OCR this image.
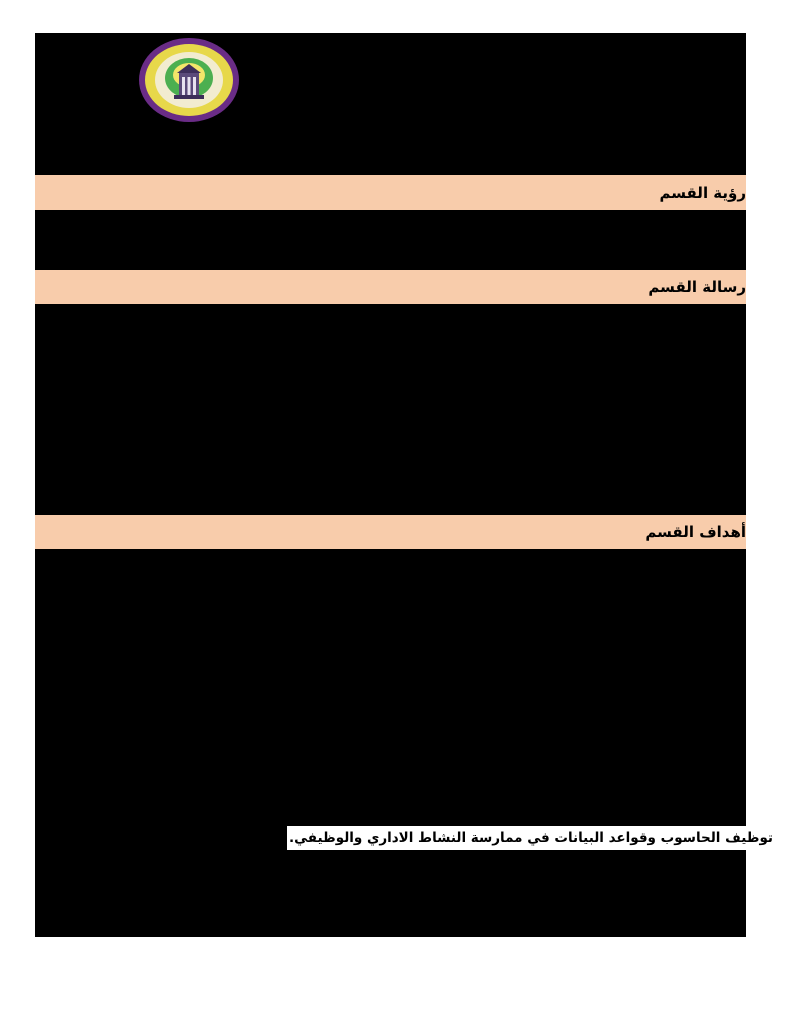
رؤية القسم
رسالة القسم
أهداف القسم
توظيف الحاسوب وقواعد البيانات في ممارسة النشاط الاداري والوظيفي.
